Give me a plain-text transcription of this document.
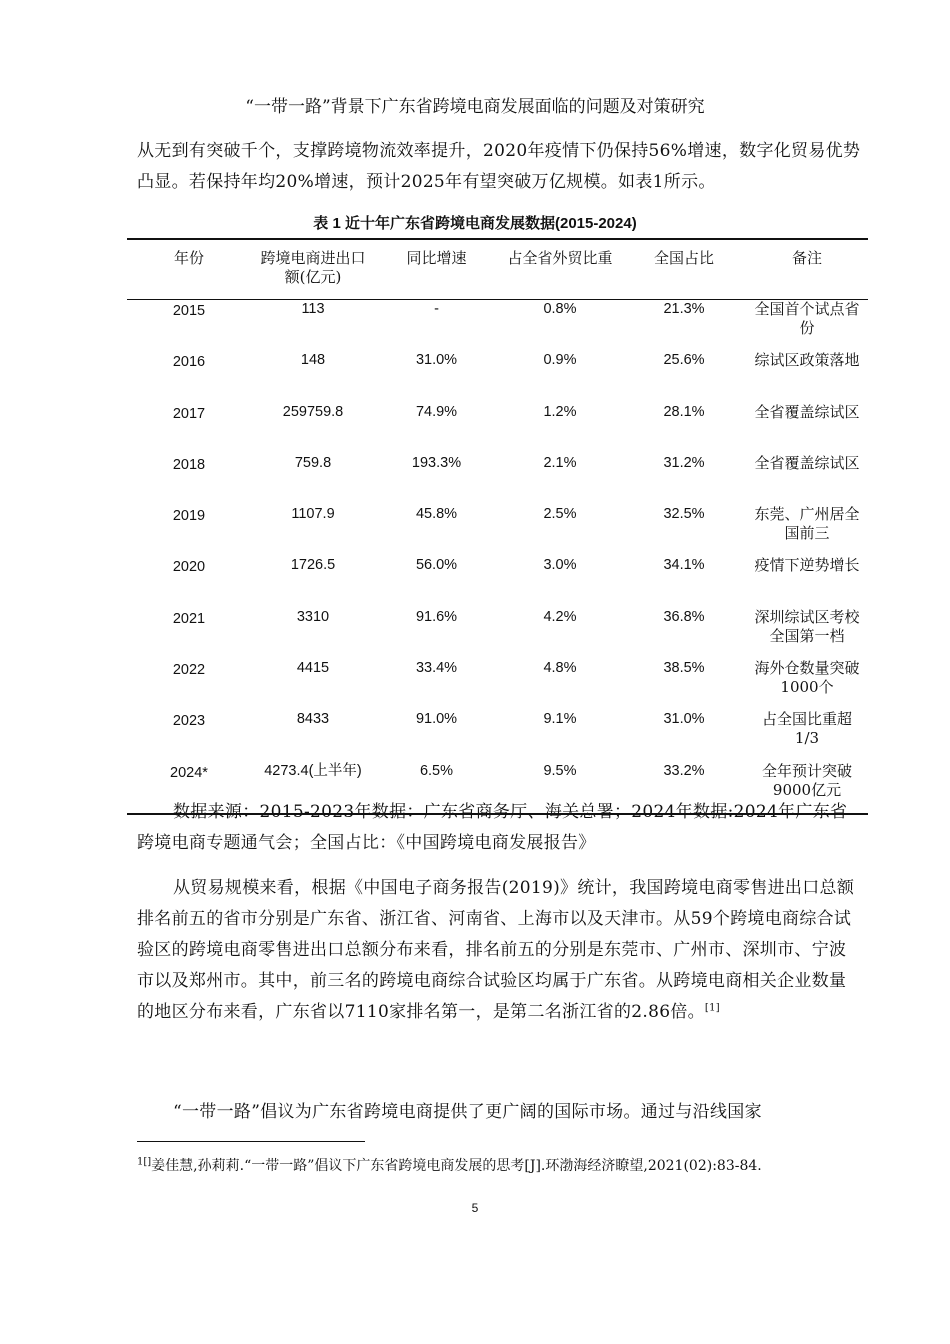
“一带一路”背景下广东省跨境电商发展面临的问题及对策研究
从无到有突破千个，支撑跨境物流效率提升，2020年疫情下仍保持56%增速，数字化贸易优势凸显。若保持年均20%增速，预计2025年有望突破万亿规模。如表1所示。
表 1 近十年广东省跨境电商发展数据(2015-2024)
年份	跨境电商进出口额(亿元)	同比增速	占全省外贸比重	全国占比	备注
2015	113	-	0.8%	21.3%	全国首个试点省份
2016	148	31.0%	0.9%	25.6%	综试区政策落地
2017	259759.8	74.9%	1.2%	28.1%	全省覆盖综试区
2018	759.8	193.3%	2.1%	31.2%	全省覆盖综试区
2019	1107.9	45.8%	2.5%	32.5%	东莞、广州居全国前三
2020	1726.5	56.0%	3.0%	34.1%	疫情下逆势增长
2021	3310	91.6%	4.2%	36.8%	深圳综试区考校全国第一档
2022	4415	33.4%	4.8%	38.5%	海外仓数量突破1000个
2023	8433	91.0%	9.1%	31.0%	占全国比重超1/3
2024*	4273.4(上半年)	6.5%	9.5%	33.2%	全年预计突破9000亿元
数据来源：2015-2023年数据：广东省商务厅、海关总署；2024年数据:2024年广东省跨境电商专题通气会；全国占比：《中国跨境电商发展报告》
从贸易规模来看，根据《中国电子商务报告(2019)》统计，我国跨境电商零售进出口总额排名前五的省市分别是广东省、浙江省、河南省、上海市以及天津市。从59个跨境电商综合试验区的跨境电商零售进出口总额分布来看，排名前五的分别是东莞市、广州市、深圳市、宁波市以及郑州市。其中，前三名的跨境电商综合试验区均属于广东省。从跨境电商相关企业数量的地区分布来看，广东省以7110家排名第一，是第二名浙江省的2.86倍。[1]
“一带一路”倡议为广东省跨境电商提供了更广阔的国际市场。通过与沿线国家
$^{1[]}$姜佳慧,孙莉莉.“一带一路”倡议下广东省跨境电商发展的思考[J].环渤海经济瞭望,2021(02):83-84.
5
